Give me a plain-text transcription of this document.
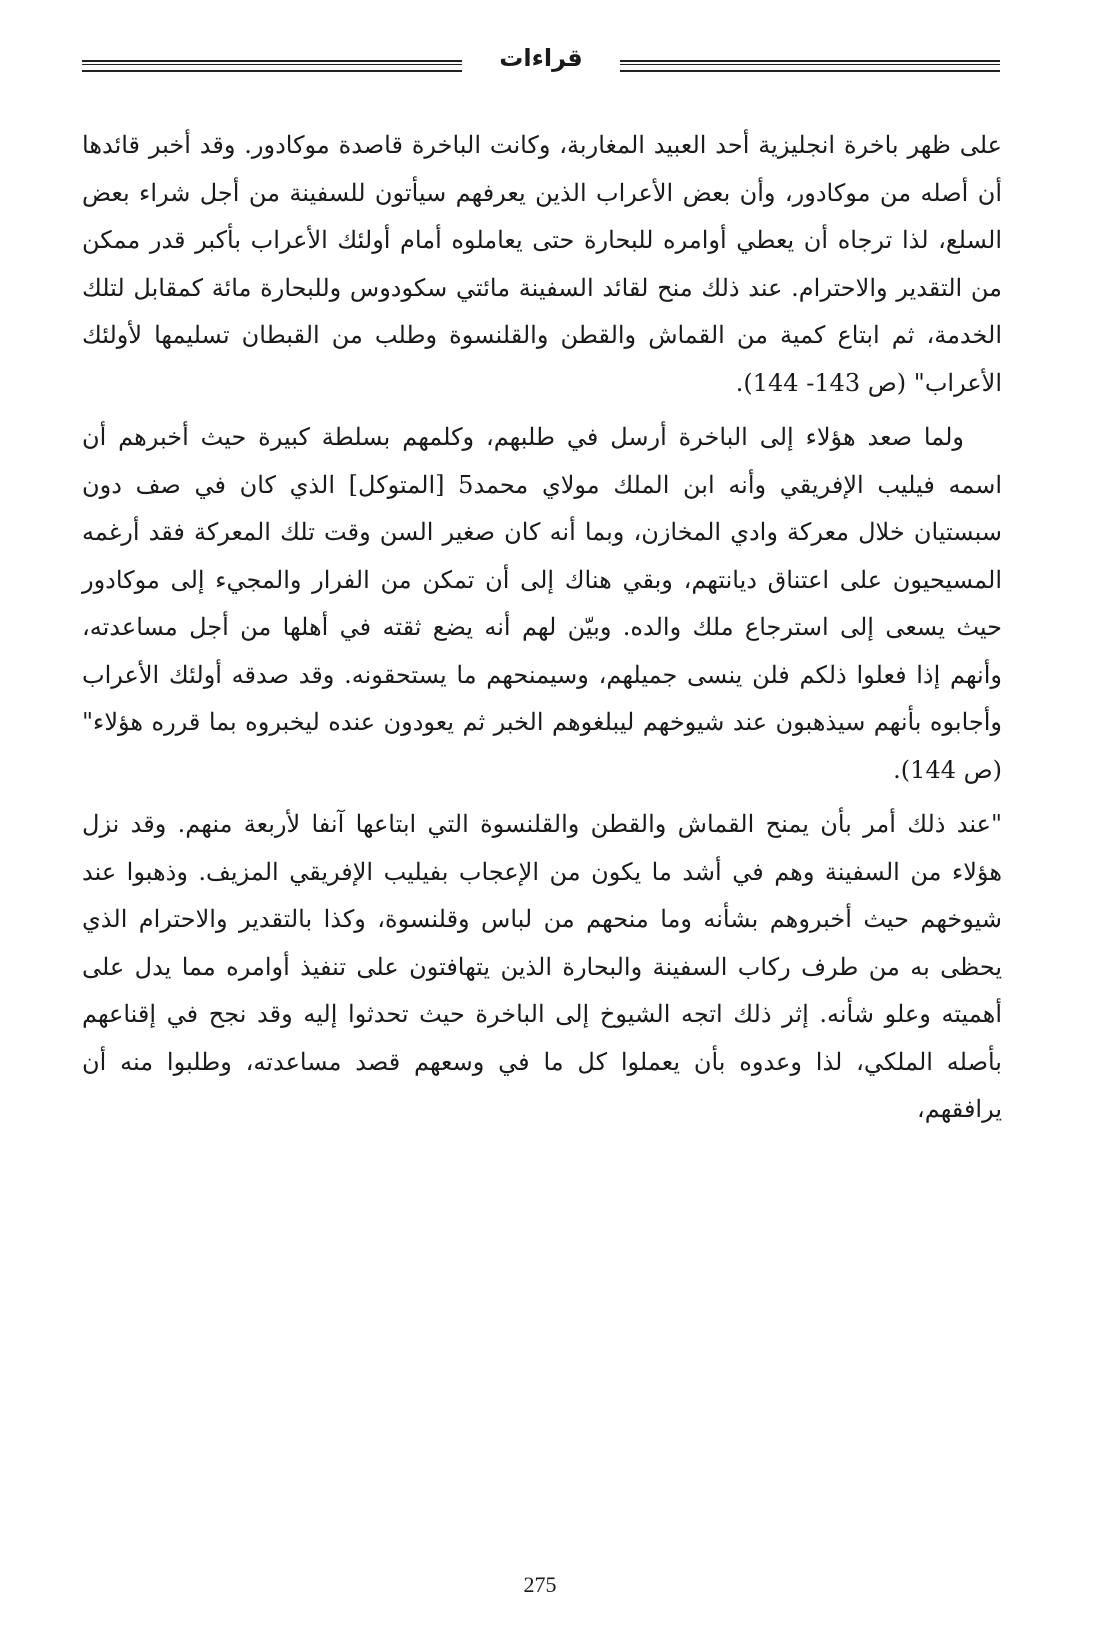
قراءات

على ظهر باخرة انجليزية أحد العبيد المغاربة، وكانت الباخرة قاصدة موكادور. وقد أخبر قائدها أن أصله من موكادور، وأن بعض الأعراب الذين يعرفهم سيأتون للسفينة من أجل شراء بعض السلع، لذا ترجاه أن يعطي أوامره للبحارة حتى يعاملوه أمام أولئك الأعراب بأكبر قدر ممكن من التقدير والاحترام. عند ذلك منح لقائد السفينة مائتي سكودوس وللبحارة مائة كمقابل لتلك الخدمة، ثم ابتاع كمية من القماش والقطن والقلنسوة وطلب من القبطان تسليمها لأولئك الأعراب" (ص 143- 144).

ولما صعد هؤلاء إلى الباخرة أرسل في طلبهم، وكلمهم بسلطة كبيرة حيث أخبرهم أن اسمه فيليب الإفريقي وأنه ابن الملك مولاي محمد5 [المتوكل] الذي كان في صف دون سبستيان خلال معركة وادي المخازن، وبما أنه كان صغير السن وقت تلك المعركة فقد أرغمه المسيحيون على اعتناق ديانتهم، وبقي هناك إلى أن تمكن من الفرار والمجيء إلى موكادور حيث يسعى إلى استرجاع ملك والده. وبيّن لهم أنه يضع ثقته في أهلها من أجل مساعدته، وأنهم إذا فعلوا ذلكم فلن ينسى جميلهم، وسيمنحهم ما يستحقونه. وقد صدقه أولئك الأعراب وأجابوه بأنهم سيذهبون عند شيوخهم ليبلغوهم الخبر ثم يعودون عنده ليخبروه بما قرره هؤلاء" (ص 144).

"عند ذلك أمر بأن يمنح القماش والقطن والقلنسوة التي ابتاعها آنفا لأربعة منهم. وقد نزل هؤلاء من السفينة وهم في أشد ما يكون من الإعجاب بفيليب الإفريقي المزيف. وذهبوا عند شيوخهم حيث أخبروهم بشأنه وما منحهم من لباس وقلنسوة، وكذا بالتقدير والاحترام الذي يحظى به من طرف ركاب السفينة والبحارة الذين يتهافتون على تنفيذ أوامره مما يدل على أهميته وعلو شأنه. إثر ذلك اتجه الشيوخ إلى الباخرة حيث تحدثوا إليه وقد نجح في إقناعهم بأصله الملكي، لذا وعدوه بأن يعملوا كل ما في وسعهم قصد مساعدته، وطلبوا منه أن يرافقهم،

275
